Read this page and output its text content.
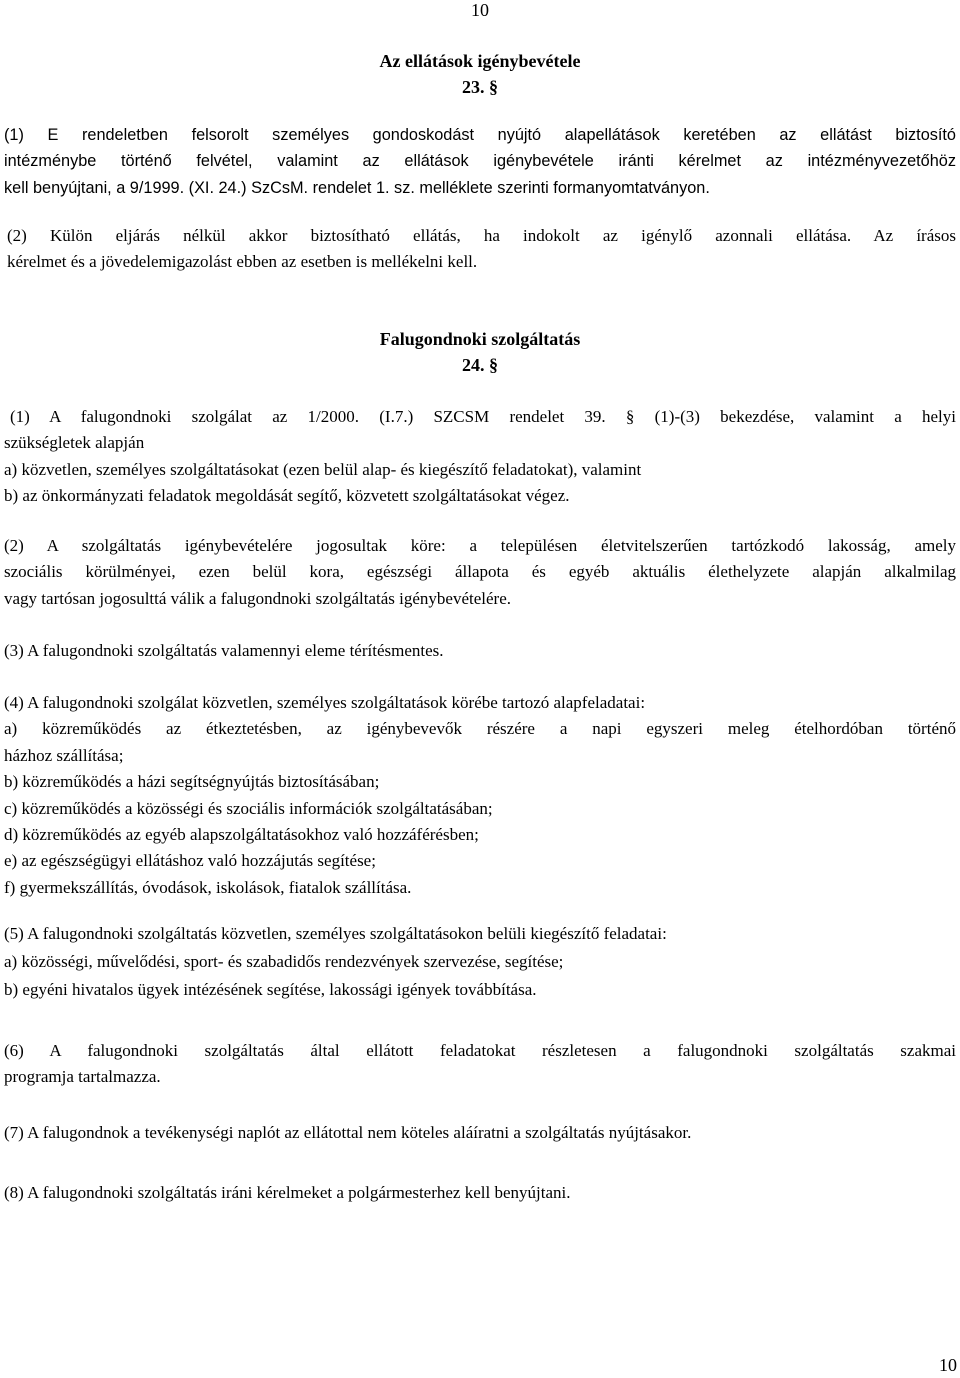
10
Az ellátások igénybevétele
23. §
(1) E rendeletben felsorolt személyes gondoskodást nyújtó alapellátások keretében az ellátást biztosító
intézménybe történő felvétel, valamint az ellátások igénybevétele iránti kérelmet az intézményvezetőhöz
kell benyújtani, a 9/1999. (XI. 24.) SzCsM. rendelet 1. sz. melléklete szerinti formanyomtatványon.
(2) Külön eljárás nélkül akkor biztosítható ellátás, ha indokolt az igénylő azonnali ellátása. Az írásos
kérelmet és a jövedelemigazolást ebben az esetben is mellékelni kell.
Falugondnoki szolgáltatás
24. §
(1) A falugondnoki szolgálat az 1/2000. (I.7.) SZCSM rendelet 39. § (1)-(3) bekezdése, valamint a helyi
szükségletek alapján
a) közvetlen, személyes szolgáltatásokat (ezen belül alap- és kiegészítő feladatokat), valamint
b) az önkormányzati feladatok megoldását segítő, közvetett szolgáltatásokat végez.
(2) A szolgáltatás igénybevételére jogosultak köre: a településen életvitelszerűen tartózkodó lakosság, amely
szociális körülményei, ezen belül kora, egészségi állapota és egyéb aktuális élethelyzete alapján alkalmilag
vagy tartósan jogosulttá válik a falugondnoki szolgáltatás igénybevételére.
(3) A falugondnoki szolgáltatás valamennyi eleme térítésmentes.
(4) A falugondnoki szolgálat közvetlen, személyes szolgáltatások körébe tartozó alapfeladatai:
a) közreműködés az étkeztetésben, az igénybevevők részére a napi egyszeri meleg ételhordóban történő
házhoz szállítása;
b) közreműködés a házi segítségnyújtás biztosításában;
c) közreműködés a közösségi és szociális információk szolgáltatásában;
d) közreműködés az egyéb alapszolgáltatásokhoz való hozzáférésben;
e) az egészségügyi ellátáshoz való hozzájutás segítése;
f) gyermekszállítás, óvodások, iskolások, fiatalok szállítása.
(5) A falugondnoki szolgáltatás közvetlen, személyes szolgáltatásokon belüli kiegészítő feladatai:
a) közösségi, művelődési, sport- és szabadidős rendezvények szervezése, segítése;
b) egyéni hivatalos ügyek intézésének segítése, lakossági igények továbbítása.
(6) A falugondnoki szolgáltatás által ellátott feladatokat részletesen a falugondnoki szolgáltatás szakmai
programja tartalmazza.
(7) A falugondnok a tevékenységi naplót az ellátottal nem köteles aláíratni a szolgáltatás nyújtásakor.
(8) A falugondnoki szolgáltatás iráni kérelmeket a polgármesterhez kell benyújtani.
10
